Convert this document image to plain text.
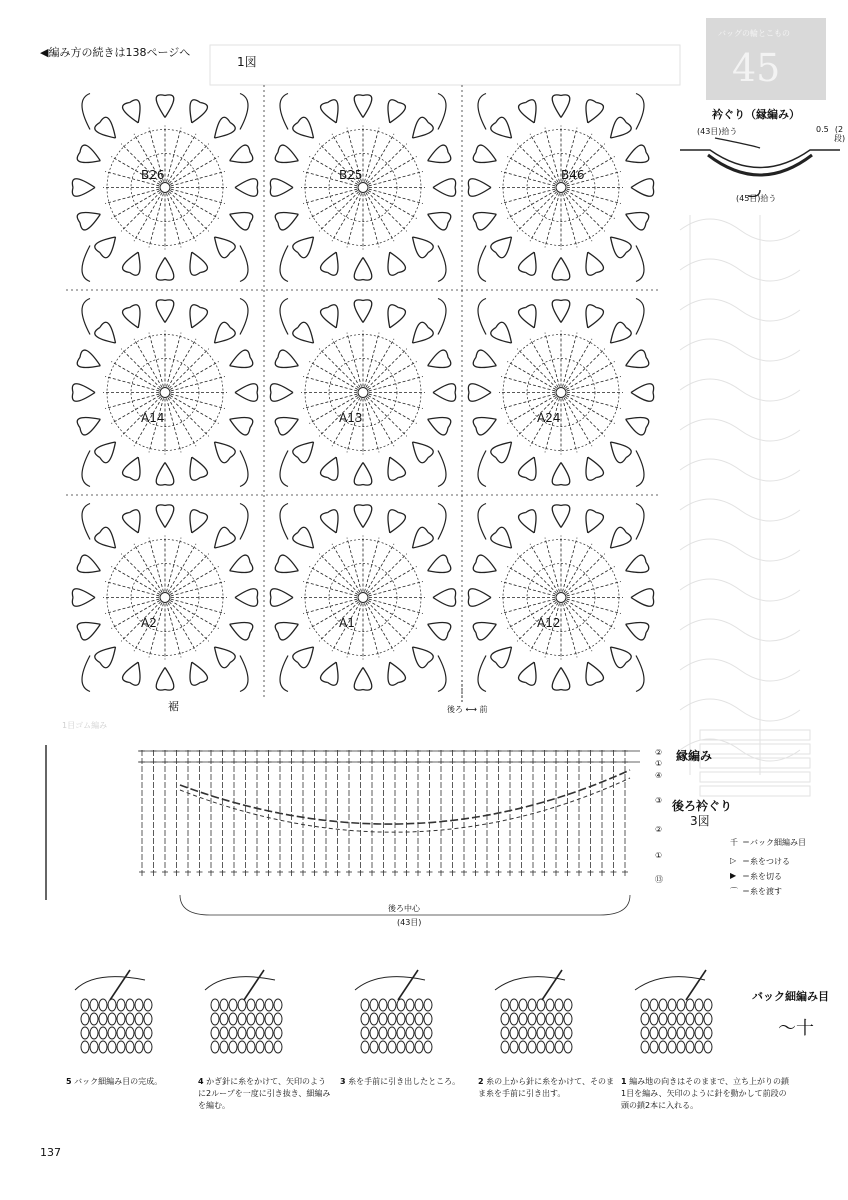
◀編み方の続きは138ページへ
1図
裾	後ろ ⟷ 前
B26	B25	B46
A14	A13	A24
A2	A1	A12
バッグの輪とこもの
45
衿ぐり（縁編み）
(43目)拾う
(45目)拾う
0.5 (2段)
縁編み
後ろ衿ぐり
3図
後ろ中心
(43目)
②
①
④
③
②
①
⑬
千 ＝バック細編み目
▷ ＝糸をつける
▶ ＝糸を切る
⌒ ＝糸を渡す
バック細編み目
〜十
5 バック細編み目の完成。	4 かぎ針に糸をかけて、矢印のように2ループを一度に引き抜き、細編みを編む。
3 糸を手前に引き出したところ。	2 糸の上から針に糸をかけて、そのまま糸を手前に引き出す。
1 編み地の向きはそのままで、立ち上がりの鎖1目を編み、矢印のように針を動かして前段の頭の鎖2本に入れる。
1目ゴム編み
137
